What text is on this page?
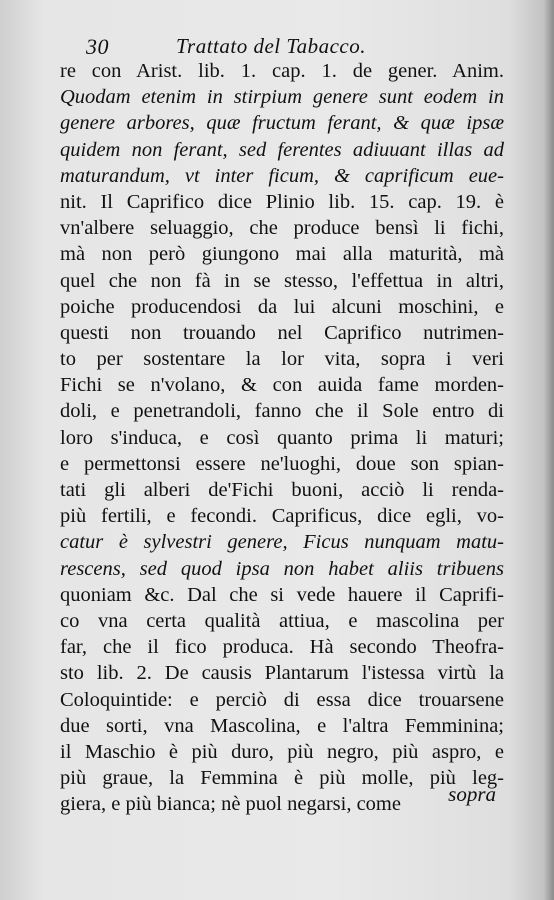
30	Trattato del Tabacco.
re con Arist. lib. 1. cap. 1. de gener. Anim.
Quodam etenim in stirpium genere sunt eodem in
genere arbores, quæ fructum ferant, & quæ ipsæ
quidem non ferant, sed ferentes adiuuant illas ad
maturandum, vt inter ficum, & caprificum eue-
nit. Il Caprifico dice Plinio lib. 15. cap. 19. è
vn'albere seluaggio, che produce bensì li fichi,
mà non però giungono mai alla maturità, mà
quel che non fà in se stesso, l'effettua in altri,
poiche producendosi da lui alcuni moschini, e
questi non trouando nel Caprifico nutrimen-
to per sostentare la lor vita, sopra i veri
Fichi se n'volano, & con auida fame morden-
doli, e penetrandoli, fanno che il Sole entro di
loro s'induca, e così quanto prima li maturi;
e permettonsi essere ne'luoghi, doue son spian-
tati gli alberi de'Fichi buoni, acciò li renda-
più fertili, e fecondi. Caprificus, dice egli, vo-
catur è sylvestri genere, Ficus nunquam matu-
rescens, sed quod ipsa non habet aliis tribuens
quoniam &c. Dal che si vede hauere il Caprifi-
co vna certa qualità attiua, e mascolina per
far, che il fico produca. Hà secondo Theofra-
sto lib. 2. De causis Plantarum l'istessa virtù la
Coloquintide: e perciò di essa dice trouarsene
due sorti, vna Mascolina, e l'altra Femminina;
il Maschio è più duro, più negro, più aspro, e
più graue, la Femmina è più molle, più leg-
giera, e più bianca; nè puol negarsi, come	sopra
